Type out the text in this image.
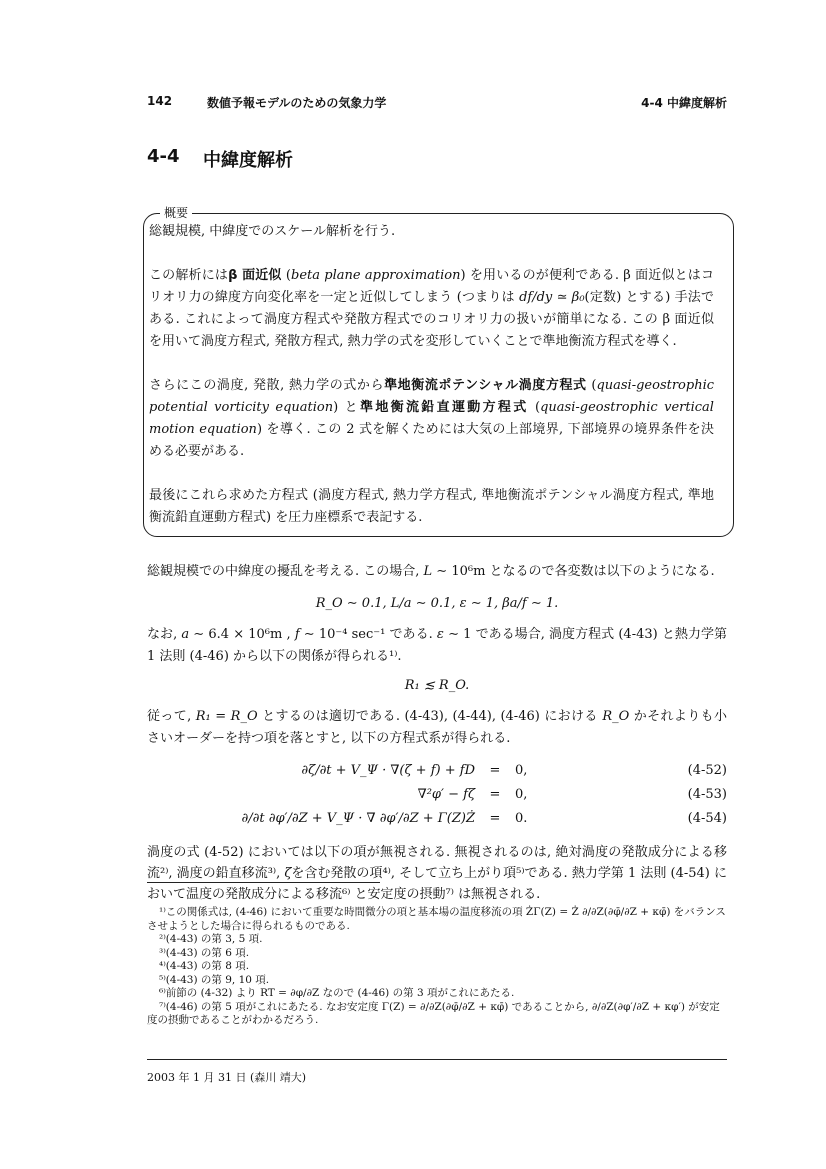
142	数値予報モデルのための気象力学	4-4 中緯度解析
4-4 中緯度解析
概要
総観規模, 中緯度でのスケール解析を行う.
この解析にはβ 面近似 (beta plane approximation) を用いるのが便利である. β 面近似とはコリオリ力の緯度方向変化率を一定と近似してしまう (つまりは df/dy ≃ β₀(定数) とする) 手法である. これによって渦度方程式や発散方程式でのコリオリ力の扱いが簡単になる. この β 面近似を用いて渦度方程式, 発散方程式, 熱力学の式を変形していくことで準地衡流方程式を導く.
さらにこの渦度, 発散, 熱力学の式から準地衡流ポテンシャル渦度方程式 (quasi-geostrophic potential vorticity equation) と準地衡流鉛直運動方程式 (quasi-geostrophic vertical motion equation) を導く. この 2 式を解くためには大気の上部境界, 下部境界の境界条件を決める必要がある.
最後にこれら求めた方程式 (渦度方程式, 熱力学方程式, 準地衡流ポテンシャル渦度方程式, 準地衡流鉛直運動方程式) を圧力座標系で表記する.
総観規模での中緯度の擾乱を考える. この場合, L ∼ 10⁶m となるので各変数は以下のようになる.
R_O ∼ 0.1, L/a ∼ 0.1, ε ∼ 1, βa/f ∼ 1.
なお, a ∼ 6.4 × 10⁶m , f ∼ 10⁻⁴ sec⁻¹ である. ε ∼ 1 である場合, 渦度方程式 (4-43) と熱力学第 1 法則 (4-46) から以下の関係が得られる¹⁾.
R₁ ≲ R_O.
従って, R₁ = R_O とするのは適切である. (4-43), (4-44), (4-46) における R_O かそれよりも小さいオーダーを持つ項を落とすと, 以下の方程式系が得られる.
∂ζ/∂t + V_Ψ · ∇(ζ + f) + fD	=	0,	(4-52)
∇²φ′ − fζ	=	0,	(4-53)
∂/∂t ∂φ′/∂Z + V_Ψ · ∇ ∂φ′/∂Z + Γ(Z)Ż	=	0.	(4-54)
渦度の式 (4-52) においては以下の項が無視される. 無視されるのは, 絶対渦度の発散成分による移流²⁾, 渦度の鉛直移流³⁾, ζを含む発散の項⁴⁾, そして立ち上がり項⁵⁾である. 熱力学第 1 法則 (4-54) において温度の発散成分による移流⁶⁾ と安定度の摂動⁷⁾ は無視される.
¹⁾この関係式は, (4-46) において重要な時間微分の項と基本場の温度移流の項 ŻΓ(Z) = Ż ∂/∂Z(∂φ̄/∂Z + κφ̄) をバランスさせようとした場合に得られるものである.
²⁾(4-43) の第 3, 5 項.
³⁾(4-43) の第 6 項.
⁴⁾(4-43) の第 8 項.
⁵⁾(4-43) の第 9, 10 項.
⁶⁾前節の (4-32) より RT = ∂φ/∂Z なので (4-46) の第 3 項がこれにあたる.
⁷⁾(4-46) の第 5 項がこれにあたる. なお安定度 Γ(Z) = ∂/∂Z(∂φ̄/∂Z + κφ̄) であることから, ∂/∂Z(∂φ′/∂Z + κφ′) が安定度の摂動であることがわかるだろう.
2003 年 1 月 31 日 (森川 靖大)
